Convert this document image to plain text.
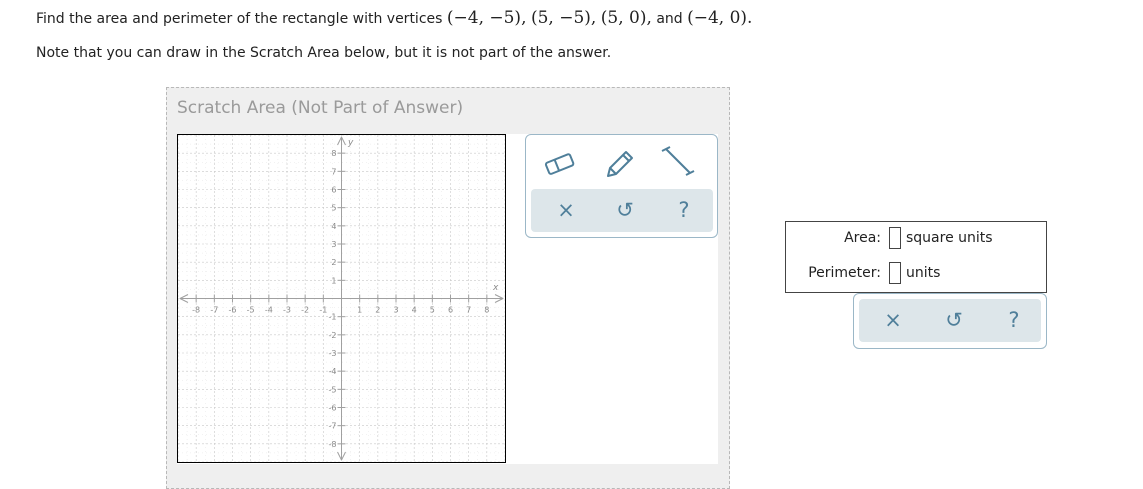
Find the area and perimeter of the rectangle with vertices (−4, −5), (5, −5), (5, 0), and (−4, 0).
Note that you can draw in the Scratch Area below, but it is not part of the answer.
Scratch Area (Not Part of Answer)
-8 -7 -6 -5 -4 -3 -2 -1	1 2 3 4 5 6 7 8
8
7
6
5
4
3
2
1
-1
-2
-3
-4
-5
-6
-7
-8
x
y
×	↺	?
Area: square units
Perimeter: units
×	↺	?
